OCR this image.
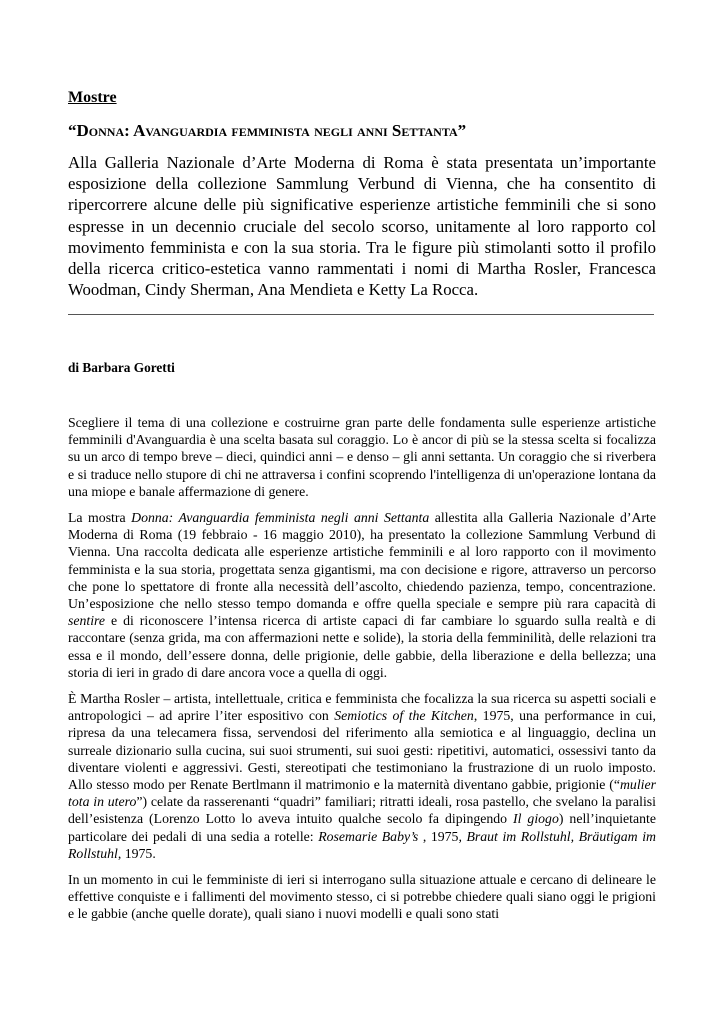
Mostre
“Donna: Avanguardia femminista negli anni Settanta”

Alla Galleria Nazionale d’Arte Moderna di Roma è stata presentata un’importante esposizione della collezione Sammlung Verbund di Vienna, che ha consentito di ripercorrere alcune delle più significative esperienze artistiche femminili che si sono espresse in un decennio cruciale del secolo scorso, unitamente al loro rapporto col movimento femminista e con la sua storia. Tra le figure più stimolanti sotto il profilo della ricerca critico-estetica vanno rammentati i nomi di Martha Rosler, Francesca Woodman, Cindy Sherman, Ana Mendieta e Ketty La Rocca.

di Barbara Goretti

Scegliere il tema di una collezione e costruirne gran parte delle fondamenta sulle esperienze artistiche femminili d'Avanguardia è una scelta basata sul coraggio. Lo è ancor di più se la stessa scelta si focalizza su un arco di tempo breve – dieci, quindici anni – e denso – gli anni settanta. Un coraggio che si riverbera e si traduce nello stupore di chi ne attraversa i confini scoprendo l'intelligenza di un'operazione lontana da una miope e banale affermazione di genere.

La mostra Donna: Avanguardia femminista negli anni Settanta allestita alla Galleria Nazionale d’Arte Moderna di Roma (19 febbraio - 16 maggio 2010), ha presentato la collezione Sammlung Verbund di Vienna. Una raccolta dedicata alle esperienze artistiche femminili e al loro rapporto con il movimento femminista e la sua storia, progettata senza gigantismi, ma con decisione e rigore, attraverso un percorso che pone lo spettatore di fronte alla necessità dell’ascolto, chiedendo pazienza, tempo, concentrazione. Un’esposizione che nello stesso tempo domanda e offre quella speciale e sempre più rara capacità di sentire e di riconoscere l’intensa ricerca di artiste capaci di far cambiare lo sguardo sulla realtà e di raccontare (senza grida, ma con affermazioni nette e solide), la storia della femminilità, delle relazioni tra essa e il mondo, dell’essere donna, delle prigionie, delle gabbie, della liberazione e della bellezza; una storia di ieri in grado di dare ancora voce a quella di oggi.

È Martha Rosler – artista, intellettuale, critica e femminista che focalizza la sua ricerca su aspetti sociali e antropologici – ad aprire l’iter espositivo con Semiotics of the Kitchen, 1975, una performance in cui, ripresa da una telecamera fissa, servendosi del riferimento alla semiotica e al linguaggio, declina un surreale dizionario sulla cucina, sui suoi strumenti, sui suoi gesti: ripetitivi, automatici, ossessivi tanto da diventare violenti e aggressivi. Gesti, stereotipati che testimoniano la frustrazione di un ruolo imposto. Allo stesso modo per Renate Bertlmann il matrimonio e la maternità diventano gabbie, prigionie (“mulier tota in utero”) celate da rasserenanti “quadri” familiari; ritratti ideali, rosa pastello, che svelano la paralisi dell’esistenza (Lorenzo Lotto lo aveva intuito qualche secolo fa dipingendo Il giogo) nell’inquietante particolare dei pedali di una sedia a rotelle: Rosemarie Baby’s , 1975, Braut im Rollstuhl, Bräutigam im Rollstuhl, 1975.

In un momento in cui le femministe di ieri si interrogano sulla situazione attuale e cercano di delineare le effettive conquiste e i fallimenti del movimento stesso, ci si potrebbe chiedere quali siano oggi le prigioni e le gabbie (anche quelle dorate), quali siano i nuovi modelli e quali sono stati
